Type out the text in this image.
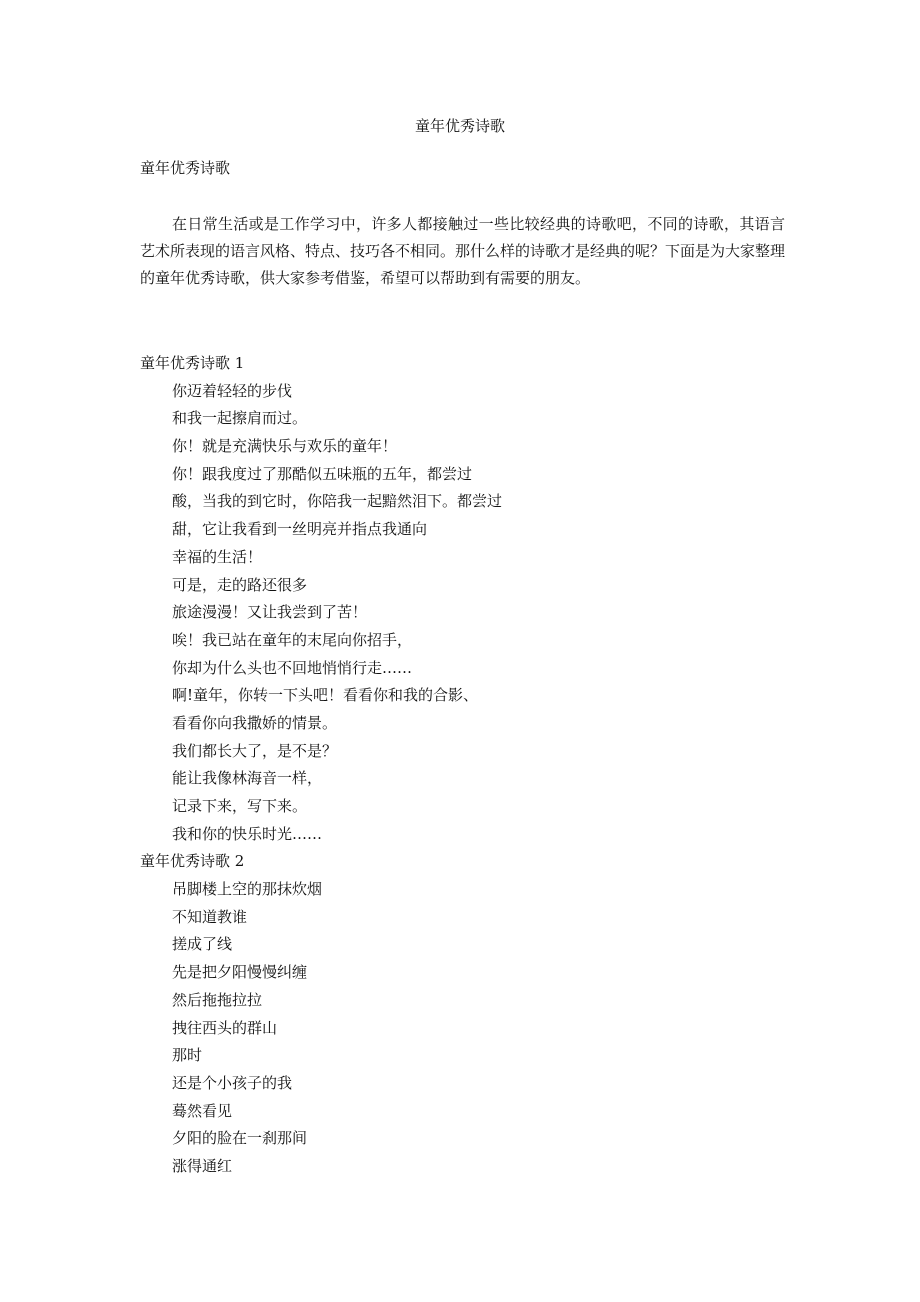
童年优秀诗歌

童年优秀诗歌

在日常生活或是工作学习中，许多人都接触过一些比较经典的诗歌吧，不同的诗歌，其语言艺术所表现的语言风格、特点、技巧各不相同。那什么样的诗歌才是经典的呢？下面是为大家整理的童年优秀诗歌，供大家参考借鉴，希望可以帮助到有需要的朋友。

童年优秀诗歌 1

你迈着轻轻的步伐

和我一起擦肩而过。

你！就是充满快乐与欢乐的童年！

你！跟我度过了那酷似五味瓶的五年，都尝过

酸，当我的到它时，你陪我一起黯然泪下。都尝过

甜，它让我看到一丝明亮并指点我通向

幸福的生活！

可是，走的路还很多

旅途漫漫！又让我尝到了苦！

唉！我已站在童年的末尾向你招手，

你却为什么头也不回地悄悄行走……

啊!童年，你转一下头吧！看看你和我的合影、

看看你向我撒娇的情景。

我们都长大了，是不是？

能让我像林海音一样，

记录下来，写下来。

我和你的快乐时光……

童年优秀诗歌 2

吊脚楼上空的那抹炊烟

不知道教谁

搓成了线

先是把夕阳慢慢纠缠

然后拖拖拉拉

拽往西头的群山

那时

还是个小孩子的我

蓦然看见

夕阳的脸在一刹那间

涨得通红
